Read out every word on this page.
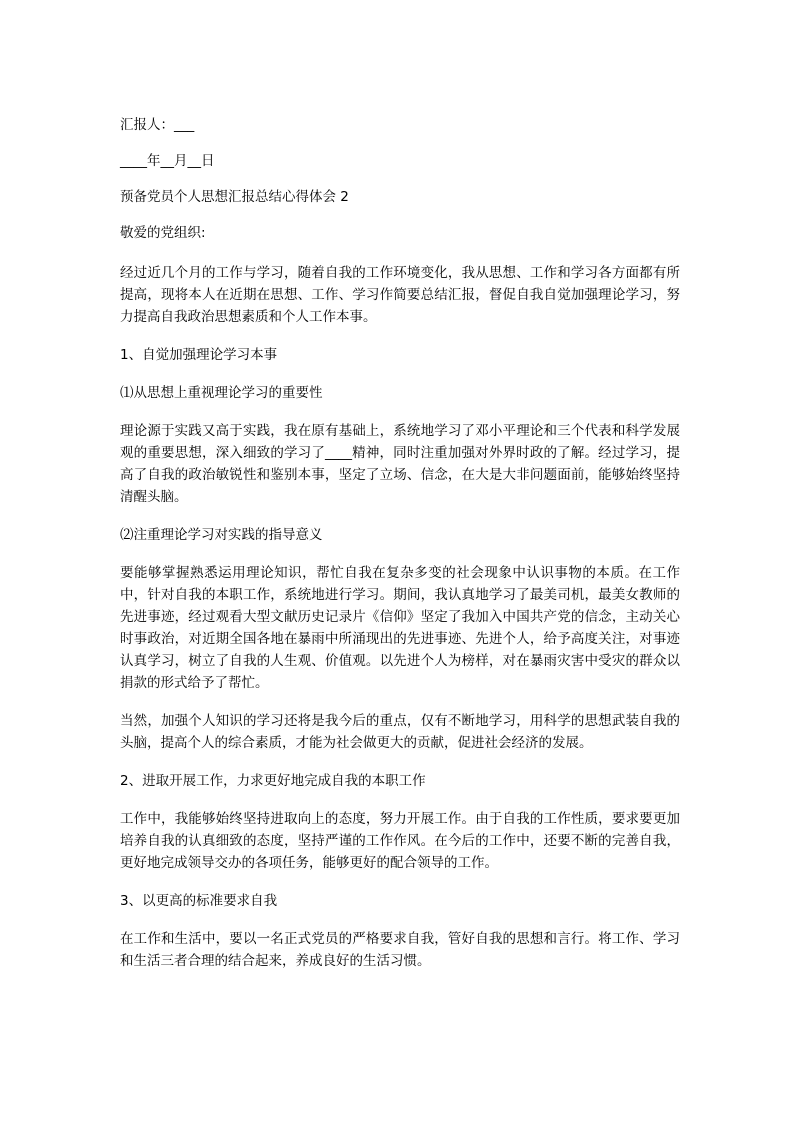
汇报人：___

____年__月__日

预备党员个人思想汇报总结心得体会 2

敬爱的党组织:

经过近几个月的工作与学习，随着自我的工作环境变化，我从思想、工作和学习各方面都有所提高，现将本人在近期在思想、工作、学习作简要总结汇报，督促自我自觉加强理论学习，努力提高自我政治思想素质和个人工作本事。

1、自觉加强理论学习本事

⑴从思想上重视理论学习的重要性

理论源于实践又高于实践，我在原有基础上，系统地学习了邓小平理论和三个代表和科学发展观的重要思想，深入细致的学习了____精神，同时注重加强对外界时政的了解。经过学习，提高了自我的政治敏锐性和鉴别本事，坚定了立场、信念，在大是大非问题面前，能够始终坚持清醒头脑。

⑵注重理论学习对实践的指导意义

要能够掌握熟悉运用理论知识，帮忙自我在复杂多变的社会现象中认识事物的本质。在工作中，针对自我的本职工作，系统地进行学习。期间，我认真地学习了最美司机，最美女教师的先进事迹，经过观看大型文献历史记录片《信仰》坚定了我加入中国共产党的信念，主动关心时事政治，对近期全国各地在暴雨中所涌现出的先进事迹、先进个人，给予高度关注，对事迹认真学习，树立了自我的人生观、价值观。以先进个人为榜样，对在暴雨灾害中受灾的群众以捐款的形式给予了帮忙。

当然，加强个人知识的学习还将是我今后的重点，仅有不断地学习，用科学的思想武装自我的头脑，提高个人的综合素质，才能为社会做更大的贡献，促进社会经济的发展。

2、进取开展工作，力求更好地完成自我的本职工作

工作中，我能够始终坚持进取向上的态度，努力开展工作。由于自我的工作性质，要求要更加培养自我的认真细致的态度，坚持严谨的工作作风。在今后的工作中，还要不断的完善自我，更好地完成领导交办的各项任务，能够更好的配合领导的工作。

3、以更高的标准要求自我

在工作和生活中，要以一名正式党员的严格要求自我，管好自我的思想和言行。将工作、学习和生活三者合理的结合起来，养成良好的生活习惯。
